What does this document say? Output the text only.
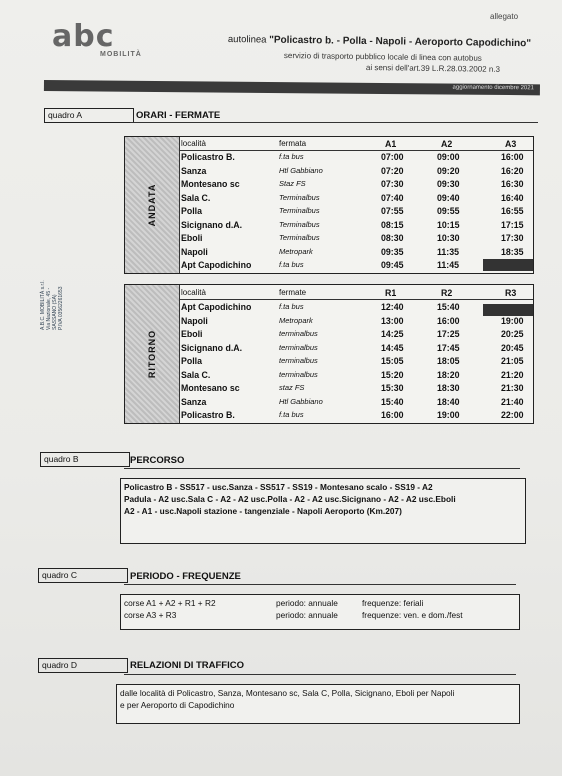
allegato
abc
MOBILITÀ
autolinea "Policastro b. - Polla - Napoli - Aeroporto Capodichino"
servizio di trasporto pubblico locale di linea con autobus
ai sensi dell'art.39 L.R.28.03.2002 n.3
aggiornamento dicembre 2021
quadro A	ORARI - FERMATE
ANDATA
località	fermata	A1	A2	A3
Policastro B.	f.ta bus	07:00	09:00	16:00
Sanza	Htl Gabbiano	07:20	09:20	16:20
Montesano sc	Staz FS	07:30	09:30	16:30
Sala C.	Terminalbus	07:40	09:40	16:40
Polla	Terminalbus	07:55	09:55	16:55
Sicignano d.A.	Terminalbus	08:15	10:15	17:15
Eboli	Terminalbus	08:30	10:30	17:30
Napoli	Metropark	09:35	11:35	18:35
Apt Capodichino	f.ta bus	09:45	11:45
RITORNO
località	fermate	R1	R2	R3
Apt Capodichino	f.ta bus	12:40	15:40
Napoli	Metropark	13:00	16:00	19:00
Eboli	terminalbus	14:25	17:25	20:25
Sicignano d.A.	terminalbus	14:45	17:45	20:45
Polla	terminalbus	15:05	18:05	21:05
Sala C.	terminalbus	15:20	18:20	21:20
Montesano sc	staz FS	15:30	18:30	21:30
Sanza	Htl Gabbiano	15:40	18:40	21:40
Policastro B.	f.ta bus	16:00	19:00	22:00
A.B.C. MOBILITÀ s.r.l. Via Nazionale, 45 - SASSANO (SA) P.IVA 03562261653
quadro B	PERCORSO
Policastro B - SS517 - usc.Sanza - SS517 - SS19 - Montesano scalo - SS19 - A2
Padula - A2 usc.Sala C - A2 - A2 usc.Polla - A2 - A2 usc.Sicignano - A2 - A2 usc.Eboli
A2 - A1 - usc.Napoli stazione - tangenziale - Napoli Aeroporto (Km.207)
quadro C	PERIODO - FREQUENZE
corse A1 + A2 + R1 + R2	periodo: annuale	frequenze: feriali
corse A3 + R3	periodo: annuale	frequenze: ven. e dom./fest
quadro D	RELAZIONI DI TRAFFICO
dalle località di Policastro, Sanza, Montesano sc, Sala C, Polla, Sicignano, Eboli per Napoli
e per Aeroporto di Capodichino
